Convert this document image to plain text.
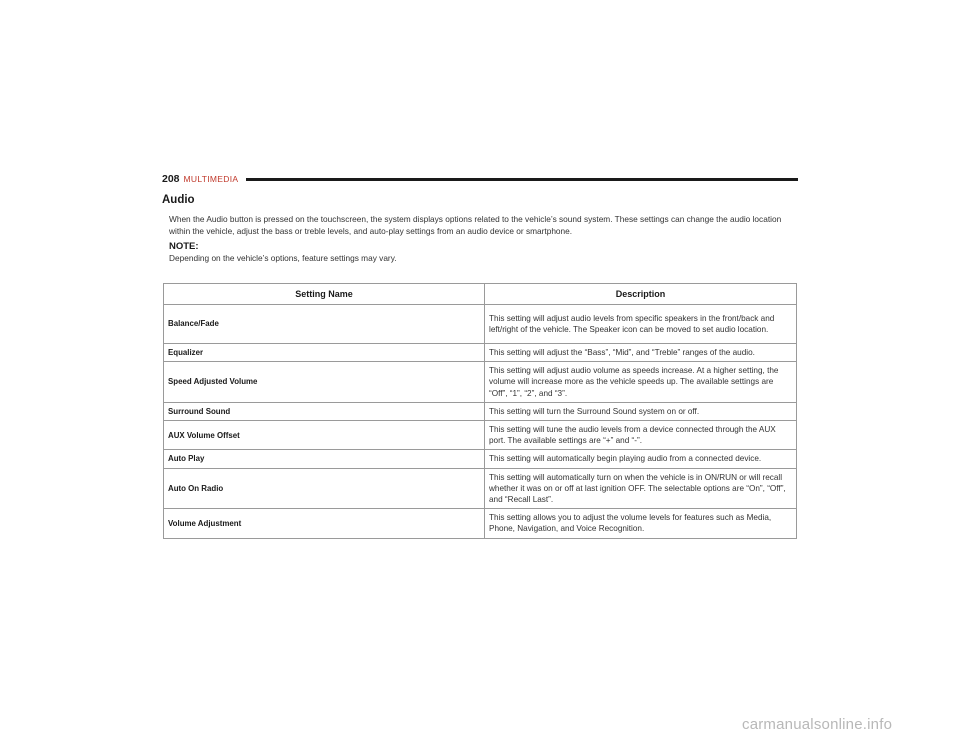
208 MULTIMEDIA
Audio
When the Audio button is pressed on the touchscreen, the system displays options related to the vehicle’s sound system. These settings can change the audio location within the vehicle, adjust the bass or treble levels, and auto-play settings from an audio device or smartphone.
NOTE:
Depending on the vehicle’s options, feature settings may vary.
Setting Name	Description
Balance/Fade	This setting will adjust audio levels from specific speakers in the front/back and left/right of the vehicle. The Speaker icon can be moved to set audio location.
Equalizer	This setting will adjust the “Bass”, “Mid”, and “Treble” ranges of the audio.
Speed Adjusted Volume	This setting will adjust audio volume as speeds increase. At a higher setting, the volume will increase more as the vehicle speeds up. The available settings are “Off”, “1”, “2”, and “3”.
Surround Sound	This setting will turn the Surround Sound system on or off.
AUX Volume Offset	This setting will tune the audio levels from a device connected through the AUX port. The available settings are “+” and “-”.
Auto Play	This setting will automatically begin playing audio from a connected device.
Auto On Radio	This setting will automatically turn on when the vehicle is in ON/RUN or will recall whether it was on or off at last ignition OFF. The selectable options are “On”, “Off”, and “Recall Last”.
Volume Adjustment	This setting allows you to adjust the volume levels for features such as Media, Phone, Navigation, and Voice Recognition.
carmanualsonline.info
